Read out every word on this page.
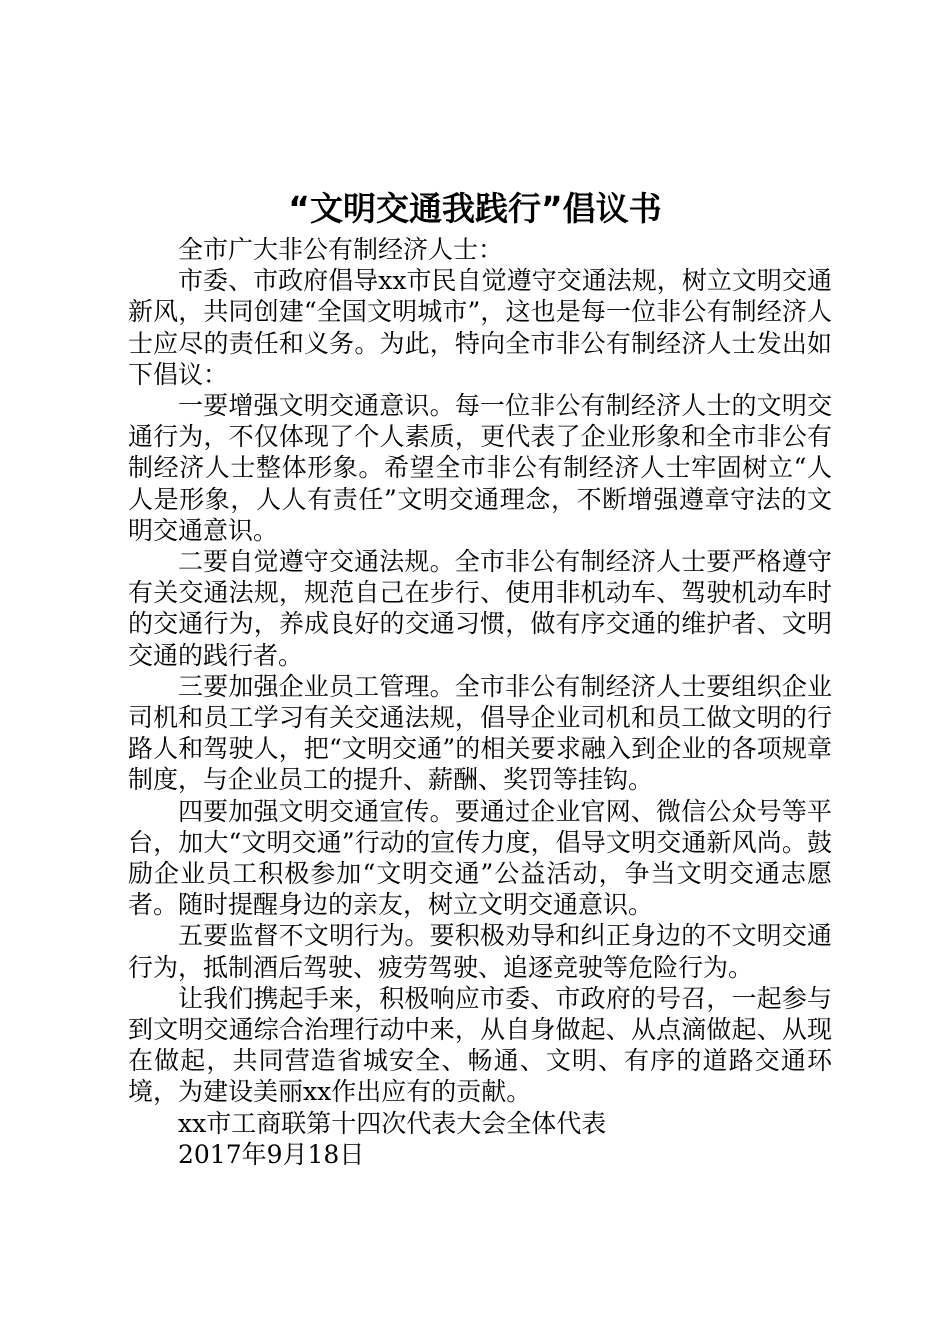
“文明交通我践行”倡议书

全市广大非公有制经济人士：

市委、市政府倡导xx市民自觉遵守交通法规，树立文明交通新风，共同创建“全国文明城市”，这也是每一位非公有制经济人士应尽的责任和义务。为此，特向全市非公有制经济人士发出如下倡议：

一要增强文明交通意识。每一位非公有制经济人士的文明交通行为，不仅体现了个人素质，更代表了企业形象和全市非公有制经济人士整体形象。希望全市非公有制经济人士牢固树立“人人是形象，人人有责任”文明交通理念，不断增强遵章守法的文明交通意识。

二要自觉遵守交通法规。全市非公有制经济人士要严格遵守有关交通法规，规范自己在步行、使用非机动车、驾驶机动车时的交通行为，养成良好的交通习惯，做有序交通的维护者、文明交通的践行者。

三要加强企业员工管理。全市非公有制经济人士要组织企业司机和员工学习有关交通法规，倡导企业司机和员工做文明的行路人和驾驶人，把“文明交通”的相关要求融入到企业的各项规章制度，与企业员工的提升、薪酬、奖罚等挂钩。

四要加强文明交通宣传。要通过企业官网、微信公众号等平台，加大“文明交通”行动的宣传力度，倡导文明交通新风尚。鼓励企业员工积极参加“文明交通”公益活动，争当文明交通志愿者。随时提醒身边的亲友，树立文明交通意识。

五要监督不文明行为。要积极劝导和纠正身边的不文明交通行为，抵制酒后驾驶、疲劳驾驶、追逐竞驶等危险行为。

让我们携起手来，积极响应市委、市政府的号召，一起参与到文明交通综合治理行动中来，从自身做起、从点滴做起、从现在做起，共同营造省城安全、畅通、文明、有序的道路交通环境，为建设美丽xx作出应有的贡献。

xx市工商联第十四次代表大会全体代表

2017年9月18日
